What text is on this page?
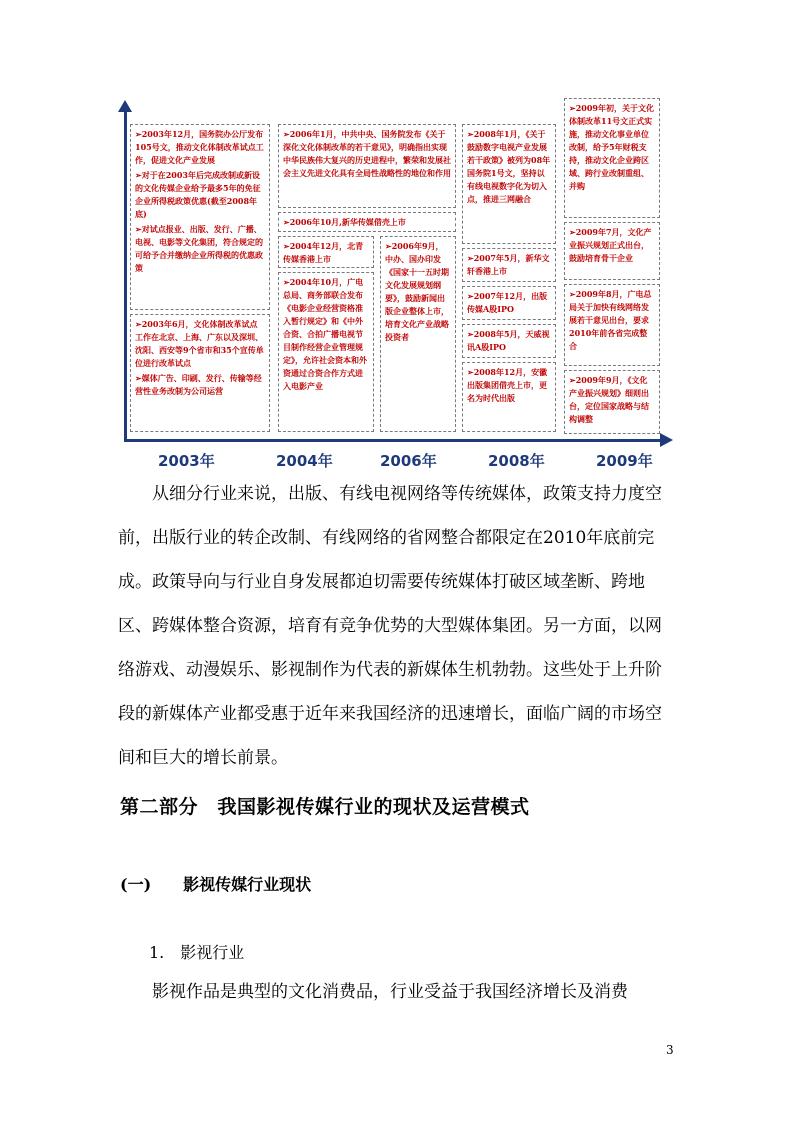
➢2003年12月，国务院办公厅发布105号文，推动文化体制改革试点工作，促进文化产业发展
➢对于在2003年后完成改制或新设的文化传媒企业给予最多5年的免征企业所得税政策优惠(截至2008年底)
➢对试点报业、出版、发行、广播、电视、电影等文化集团，符合规定的可给予合并缴纳企业所得税的优惠政策
➢2003年6月，文化体制改革试点工作在北京、上海、广东以及深圳、沈阳、西安等9个省市和35个宣传单位进行改革试点
➢媒体广告、印刷、发行、传输等经营性业务改制为公司运营
➢2006年1月，中共中央、国务院发布《关于深化文化体制改革的若干意见》，明确指出实现中华民族伟大复兴的历史进程中，繁荣和发展社会主义先进文化具有全局性战略性的地位和作用
➢2006年10月,新华传媒借壳上市
➢2004年12月，北青传媒香港上市
➢2004年10月，广电总局、商务部联合发布《电影企业经营资格准入暂行规定》和《中外合资、合拍广播电视节目制作经营企业管理规定》，允许社会资本和外资通过合资合作方式进入电影产业
➢2006年9月，中办、国办印发《国家十一五时期文化发展规划纲要》，鼓励新闻出版企业整体上市，培育文化产业战略投资者
➢2008年1月，《关于鼓励数字电视产业发展若干政策》被列为08年国务院1号文，坚持以有线电视数字化为切入点，推进三网融合
➢2007年5月，新华文轩香港上市
➢2007年12月，出版传媒A股IPO
➢2008年5月，天威视讯A股IPO
➢2008年12月，安徽出版集团借壳上市，更名为时代出版
➢2009年初，关于文化体制改革11号文正式实施，推动文化事业单位改制，给予5年财税支持，推动文化企业跨区域、跨行业改制重组、并购
➢2009年7月，文化产业振兴规划正式出台，鼓励培育骨干企业
➢2009年8月，广电总局关于加快有线网络发展若干意见出台，要求2010年前各省完成整合
➢2009年9月，《文化产业振兴规划》细则出台，定位国家战略与结构调整
2003年	2004年	2006年	2008年	2009年

从细分行业来说，出版、有线电视网络等传统媒体，政策支持力度空前，出版行业的转企改制、有线网络的省网整合都限定在2010年底前完成。政策导向与行业自身发展都迫切需要传统媒体打破区域垄断、跨地区、跨媒体整合资源，培育有竞争优势的大型媒体集团。另一方面，以网络游戏、动漫娱乐、影视制作为代表的新媒体生机勃勃。这些处于上升阶段的新媒体产业都受惠于近年来我国经济的迅速增长，面临广阔的市场空间和巨大的增长前景。

第二部分　我国影视传媒行业的现状及运营模式
(一)　　影视传媒行业现状
1.　影视行业

影视作品是典型的文化消费品，行业受益于我国经济增长及消费

3
